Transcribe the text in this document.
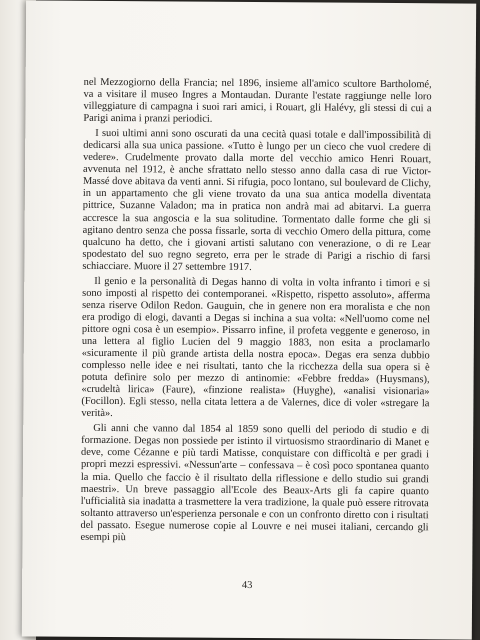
nel Mezzogiorno della Francia; nel 1896, insieme all'amico scultore Bartholomé, va a visitare il museo Ingres a Montaudan. Durante l'estate raggiunge nelle loro villeggiature di campagna i suoi rari amici, i Rouart, gli Halévy, gli stessi di cui a Parigi anima i pranzi periodici.

I suoi ultimi anni sono oscurati da una cecità quasi totale e dall'impossibilità di dedicarsi alla sua unica passione. «Tutto è lungo per un cieco che vuol credere di vedere». Crudelmente provato dalla morte del vecchio amico Henri Rouart, avvenuta nel 1912, è anche sfrattato nello stesso anno dalla casa di rue Victor-Massé dove abitava da venti anni. Si rifugia, poco lontano, sul boulevard de Clichy, in un appartamento che gli viene trovato da una sua antica modella diventata pittrice, Suzanne Valadon; ma in pratica non andrà mai ad abitarvi. La guerra accresce la sua angoscia e la sua solitudine. Tormentato dalle forme che gli si agitano dentro senza che possa fissarle, sorta di vecchio Omero della pittura, come qualcuno ha detto, che i giovani artisti salutano con venerazione, o di re Lear spodestato del suo regno segreto, erra per le strade di Parigi a rischio di farsi schiacciare. Muore il 27 settembre 1917.

Il genio e la personalità di Degas hanno di volta in volta infranto i timori e si sono imposti al rispetto dei contemporanei. «Rispetto, rispetto assoluto», afferma senza riserve Odilon Redon. Gauguin, che in genere non era moralista e che non era prodigo di elogi, davanti a Degas si inchina a sua volta: «Nell'uomo come nel pittore ogni cosa è un esempio». Pissarro infine, il profeta veggente e generoso, in una lettera al figlio Lucien del 9 maggio 1883, non esita a proclamarlo «sicuramente il più grande artista della nostra epoca». Degas era senza dubbio complesso nelle idee e nei risultati, tanto che la ricchezza della sua opera si è potuta definire solo per mezzo di antinomie: «Febbre fredda» (Huysmans), «crudeltà lirica» (Faure), «finzione realista» (Huyghe), «analisi visionaria» (Focillon). Egli stesso, nella citata lettera a de Valernes, dice di voler «stregare la verità».

Gli anni che vanno dal 1854 al 1859 sono quelli del periodo di studio e di formazione. Degas non possiede per istinto il virtuosismo straordinario di Manet e deve, come Cézanne e più tardi Matisse, conquistare con difficoltà e per gradi i propri mezzi espressivi. «Nessun'arte – confessava – è così poco spontanea quanto la mia. Quello che faccio è il risultato della riflessione e dello studio sui grandi maestri». Un breve passaggio all'Ecole des Beaux-Arts gli fa capire quanto l'ufficialità sia inadatta a trasmettere la vera tradizione, la quale può essere ritrovata soltanto attraverso un'esperienza personale e con un confronto diretto con i risultati del passato. Esegue numerose copie al Louvre e nei musei italiani, cercando gli esempi più

43
